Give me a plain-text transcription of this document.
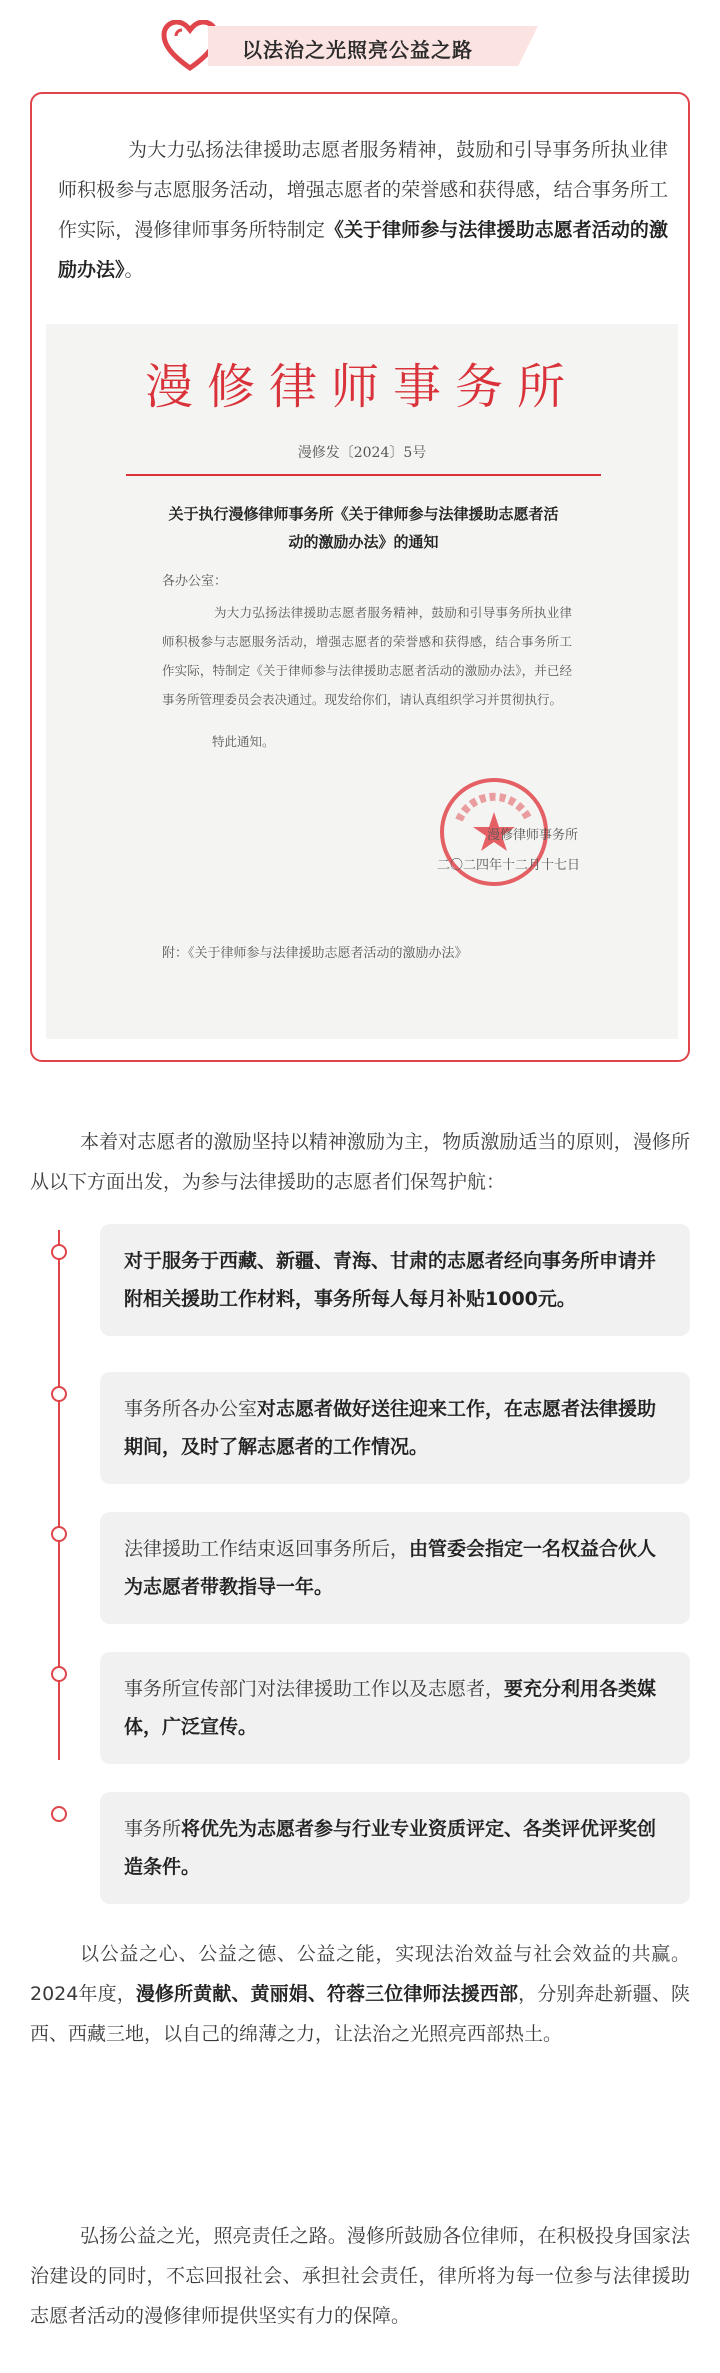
以法治之光照亮公益之路

为大力弘扬法律援助志愿者服务精神，鼓励和引导事务所执业律师积极参与志愿服务活动，增强志愿者的荣誉感和获得感，结合事务所工作实际，漫修律师事务所特制定《关于律师参与法律援助志愿者活动的激励办法》。

漫修律师事务所
漫修发〔2024〕5号
关于执行漫修律师事务所《关于律师参与法律援助志愿者活动的激励办法》的通知
各办公室：
为大力弘扬法律援助志愿者服务精神，鼓励和引导事务所执业律师积极参与志愿服务活动，增强志愿者的荣誉感和获得感，结合事务所工作实际，特制定《关于律师参与法律援助志愿者活动的激励办法》，并已经事务所管理委员会表决通过。现发给你们，请认真组织学习并贯彻执行。
特此通知。
漫修律师事务所
二〇二四年十二月十七日
附：《关于律师参与法律援助志愿者活动的激励办法》

本着对志愿者的激励坚持以精神激励为主，物质激励适当的原则，漫修所从以下方面出发，为参与法律援助的志愿者们保驾护航：

对于服务于西藏、新疆、青海、甘肃的志愿者经向事务所申请并附相关援助工作材料，事务所每人每月补贴1000元。
事务所各办公室对志愿者做好送往迎来工作，在志愿者法律援助期间，及时了解志愿者的工作情况。
法律援助工作结束返回事务所后，由管委会指定一名权益合伙人为志愿者带教指导一年。
事务所宣传部门对法律援助工作以及志愿者，要充分利用各类媒体，广泛宣传。
事务所将优先为志愿者参与行业专业资质评定、各类评优评奖创造条件。

以公益之心、公益之德、公益之能，实现法治效益与社会效益的共赢。2024年度，漫修所黄献、黄丽娟、符蓉三位律师法援西部，分别奔赴新疆、陕西、西藏三地，以自己的绵薄之力，让法治之光照亮西部热土。

弘扬公益之光，照亮责任之路。漫修所鼓励各位律师，在积极投身国家法治建设的同时，不忘回报社会、承担社会责任，律所将为每一位参与法律援助志愿者活动的漫修律师提供坚实有力的保障。
